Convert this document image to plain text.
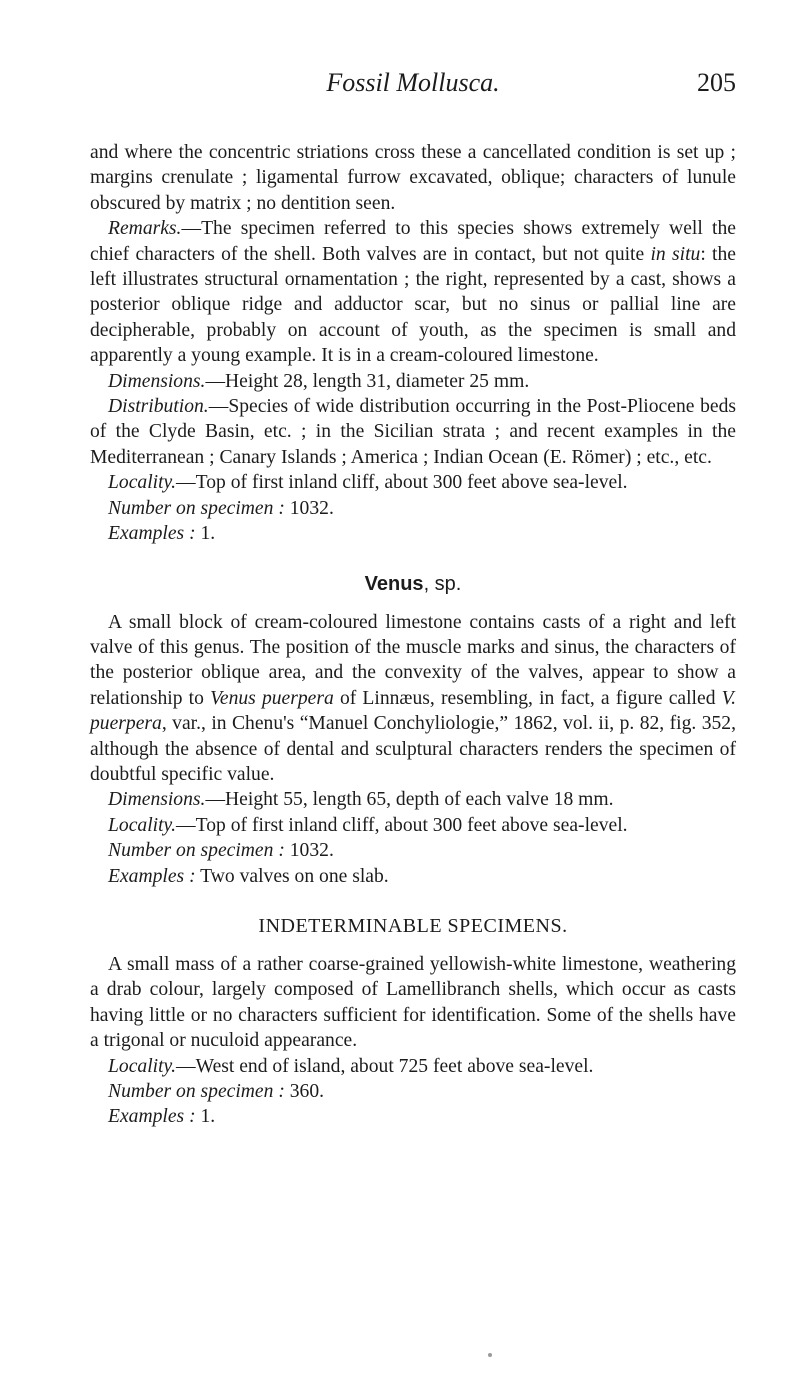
Fossil Mollusca.	205

and where the concentric striations cross these a cancellated condition is set up ; margins crenulate ; ligamental furrow excavated, oblique; characters of lunule obscured by matrix ; no dentition seen.

Remarks.—The specimen referred to this species shows extremely well the chief characters of the shell. Both valves are in contact, but not quite in situ: the left illustrates structural ornamentation ; the right, represented by a cast, shows a posterior oblique ridge and adductor scar, but no sinus or pallial line are decipherable, probably on account of youth, as the specimen is small and apparently a young example. It is in a cream-coloured limestone.

Dimensions.—Height 28, length 31, diameter 25 mm.

Distribution.—Species of wide distribution occurring in the Post-Pliocene beds of the Clyde Basin, etc. ; in the Sicilian strata ; and recent examples in the Mediterranean ; Canary Islands ; America ; Indian Ocean (E. Römer) ; etc., etc.

Locality.—Top of first inland cliff, about 300 feet above sea-level.

Number on specimen : 1032.

Examples : 1.

Venus, sp.

A small block of cream-coloured limestone contains casts of a right and left valve of this genus. The position of the muscle marks and sinus, the characters of the posterior oblique area, and the convexity of the valves, appear to show a relationship to Venus puerpera of Linnæus, resembling, in fact, a figure called V. puerpera, var., in Chenu's “Manuel Conchyliologie,” 1862, vol. ii, p. 82, fig. 352, although the absence of dental and sculptural characters renders the specimen of doubtful specific value.

Dimensions.—Height 55, length 65, depth of each valve 18 mm.

Locality.—Top of first inland cliff, about 300 feet above sea-level.

Number on specimen : 1032.

Examples : Two valves on one slab.

INDETERMINABLE SPECIMENS.

A small mass of a rather coarse-grained yellowish-white limestone, weathering a drab colour, largely composed of Lamellibranch shells, which occur as casts having little or no characters sufficient for identification. Some of the shells have a trigonal or nuculoid appearance.

Locality.—West end of island, about 725 feet above sea-level.

Number on specimen : 360.

Examples : 1.
